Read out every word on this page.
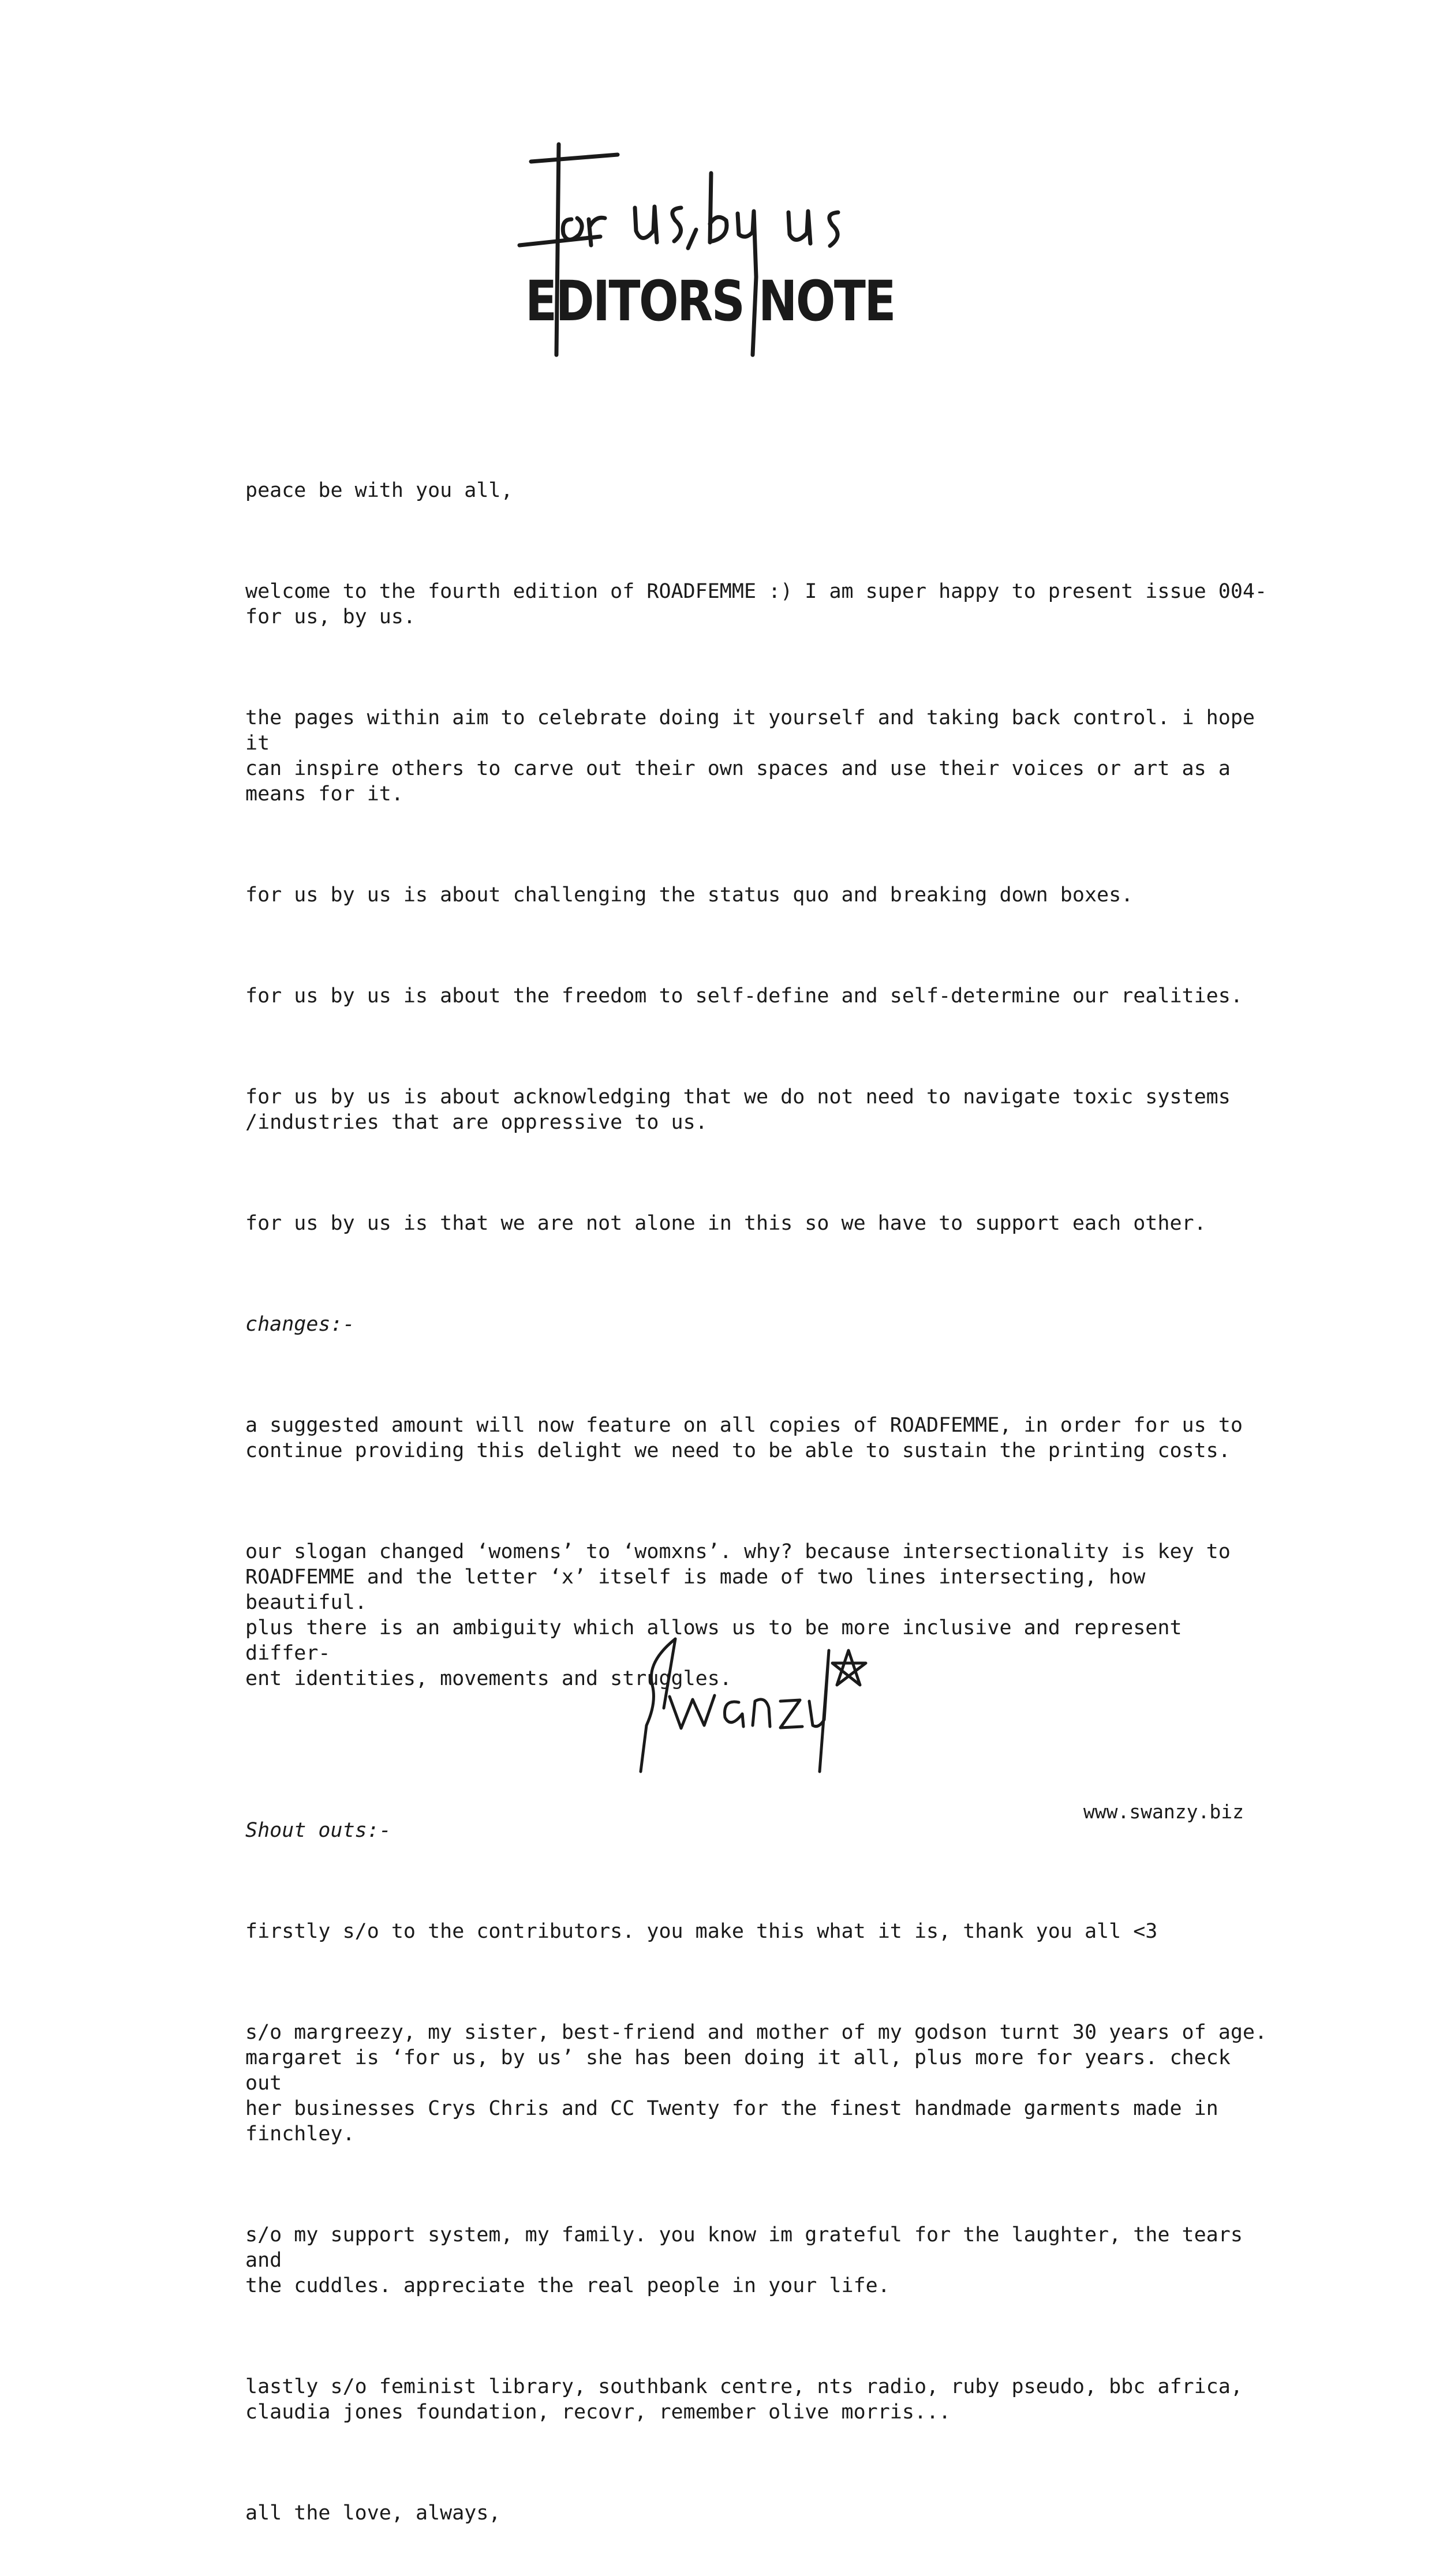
EDITORS NOTE

peace be with you all,

welcome to the fourth edition of ROADFEMME :) I am super happy to present issue 004-
for us, by us.

the pages within aim to celebrate doing it yourself and taking back control. i hope it
can inspire others to carve out their own spaces and use their voices or art as a
means for it.

for us by us is about challenging the status quo and breaking down boxes.

for us by us is about the freedom to self-define and self-determine our realities.

for us by us is about acknowledging that we do not need to navigate toxic systems
/industries that are oppressive to us.

for us by us is that we are not alone in this so we have to support each other.

changes:-

a suggested amount will now feature on all copies of ROADFEMME, in order for us to
continue providing this delight we need to be able to sustain the printing costs.

our slogan changed ‘womens’ to ‘womxns’. why? because intersectionality is key to
ROADFEMME and the letter ‘x’ itself is made of two lines intersecting, how beautiful.
plus there is an ambiguity which allows us to be more inclusive and represent differ-
ent identities, movements and struggles.

Shout outs:-

firstly s/o to the contributors. you make this what it is, thank you all <3

s/o margreezy, my sister, best-friend and mother of my godson turnt 30 years of age.
margaret is ‘for us, by us’ she has been doing it all, plus more for years. check out
her businesses Crys Chris and CC Twenty for the finest handmade garments made in
finchley.

s/o my support system, my family. you know im grateful for the laughter, the tears and
the cuddles. appreciate the real people in your life.

lastly s/o feminist library, southbank centre, nts radio, ruby pseudo, bbc africa,
claudia jones foundation, recovr, remember olive morris...

all the love, always,

www.swanzy.biz
